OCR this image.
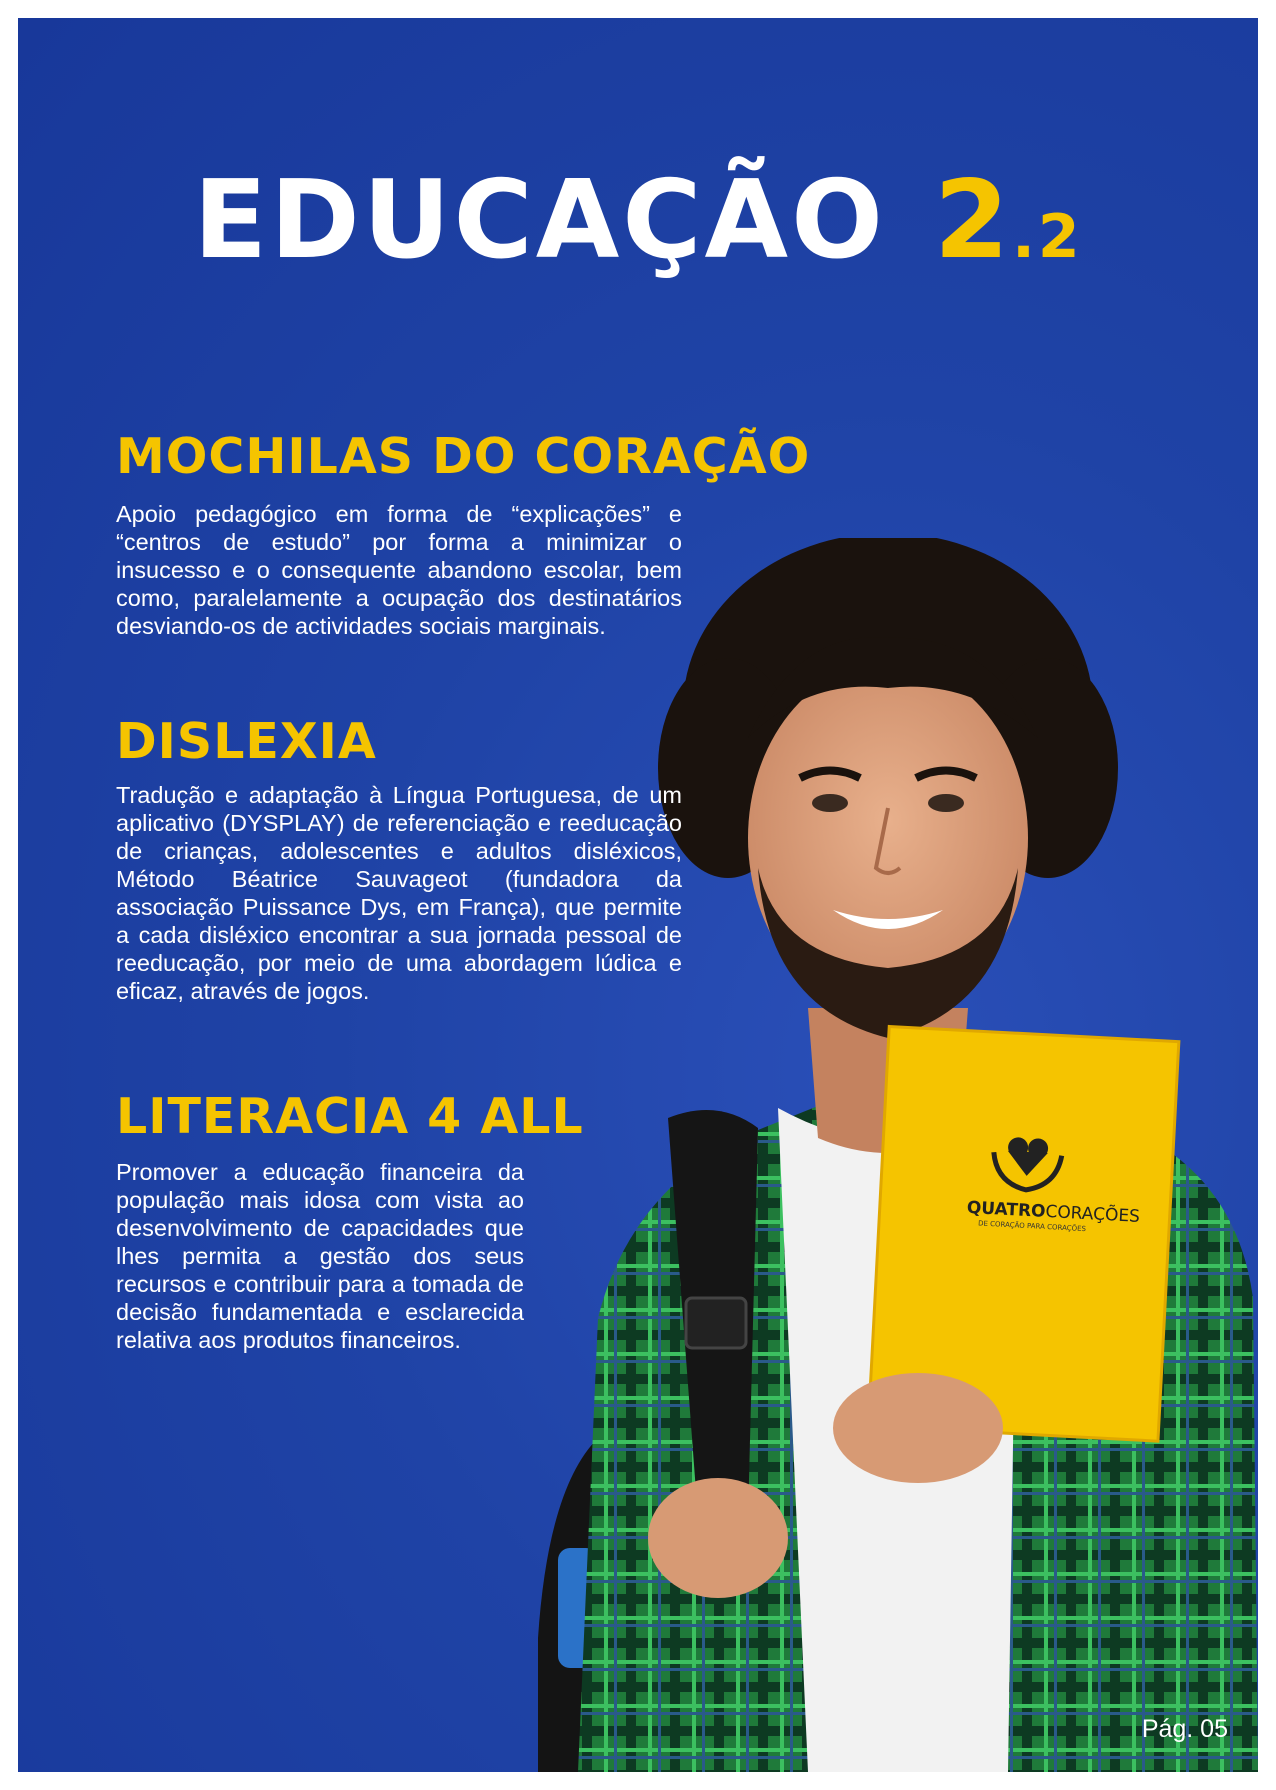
EDUCAÇÃO 2.2
QUATROCORAÇÕES
DE CORAÇÃO PARA CORAÇÕES
MOCHILAS DO CORAÇÃO
Apoio pedagógico em forma de “explicações” e “centros de estudo” por forma a minimizar o insucesso e o consequente abandono escolar, bem como, paralelamente a ocupação dos destinatários desviando-os de actividades sociais marginais.
DISLEXIA
Tradução e adaptação à Língua Portuguesa, de um aplicativo (DYSPLAY) de referenciação e reeducação de crianças, adolescentes e adultos disléxicos, Método Béatrice Sauvageot (fundadora da associação Puissance Dys, em França), que permite a cada disléxico encontrar a sua jornada pessoal de reeducação, por meio de uma abordagem lúdica e eficaz, através de jogos.
LITERACIA 4 ALL
Promover a educação financeira da população mais idosa com vista ao desenvolvimento de capacidades que lhes permita a gestão dos seus recursos e contribuir para a tomada de decisão fundamentada e esclarecida relativa aos produtos financeiros.
Pág. 05
